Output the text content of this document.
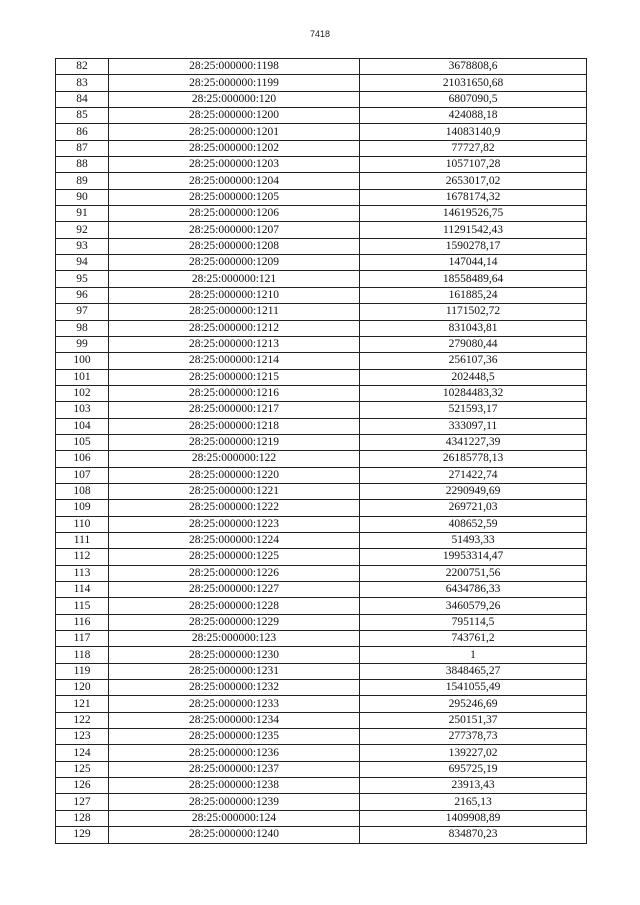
7418
82	28:25:000000:1198	3678808,6
83	28:25:000000:1199	21031650,68
84	28:25:000000:120	6807090,5
85	28:25:000000:1200	424088,18
86	28:25:000000:1201	14083140,9
87	28:25:000000:1202	77727,82
88	28:25:000000:1203	1057107,28
89	28:25:000000:1204	2653017,02
90	28:25:000000:1205	1678174,32
91	28:25:000000:1206	14619526,75
92	28:25:000000:1207	11291542,43
93	28:25:000000:1208	1590278,17
94	28:25:000000:1209	147044,14
95	28:25:000000:121	18558489,64
96	28:25:000000:1210	161885,24
97	28:25:000000:1211	1171502,72
98	28:25:000000:1212	831043,81
99	28:25:000000:1213	279080,44
100	28:25:000000:1214	256107,36
101	28:25:000000:1215	202448,5
102	28:25:000000:1216	10284483,32
103	28:25:000000:1217	521593,17
104	28:25:000000:1218	333097,11
105	28:25:000000:1219	4341227,39
106	28:25:000000:122	26185778,13
107	28:25:000000:1220	271422,74
108	28:25:000000:1221	2290949,69
109	28:25:000000:1222	269721,03
110	28:25:000000:1223	408652,59
111	28:25:000000:1224	51493,33
112	28:25:000000:1225	19953314,47
113	28:25:000000:1226	2200751,56
114	28:25:000000:1227	6434786,33
115	28:25:000000:1228	3460579,26
116	28:25:000000:1229	795114,5
117	28:25:000000:123	743761,2
118	28:25:000000:1230	1
119	28:25:000000:1231	3848465,27
120	28:25:000000:1232	1541055,49
121	28:25:000000:1233	295246,69
122	28:25:000000:1234	250151,37
123	28:25:000000:1235	277378,73
124	28:25:000000:1236	139227,02
125	28:25:000000:1237	695725,19
126	28:25:000000:1238	23913,43
127	28:25:000000:1239	2165,13
128	28:25:000000:124	1409908,89
129	28:25:000000:1240	834870,23
